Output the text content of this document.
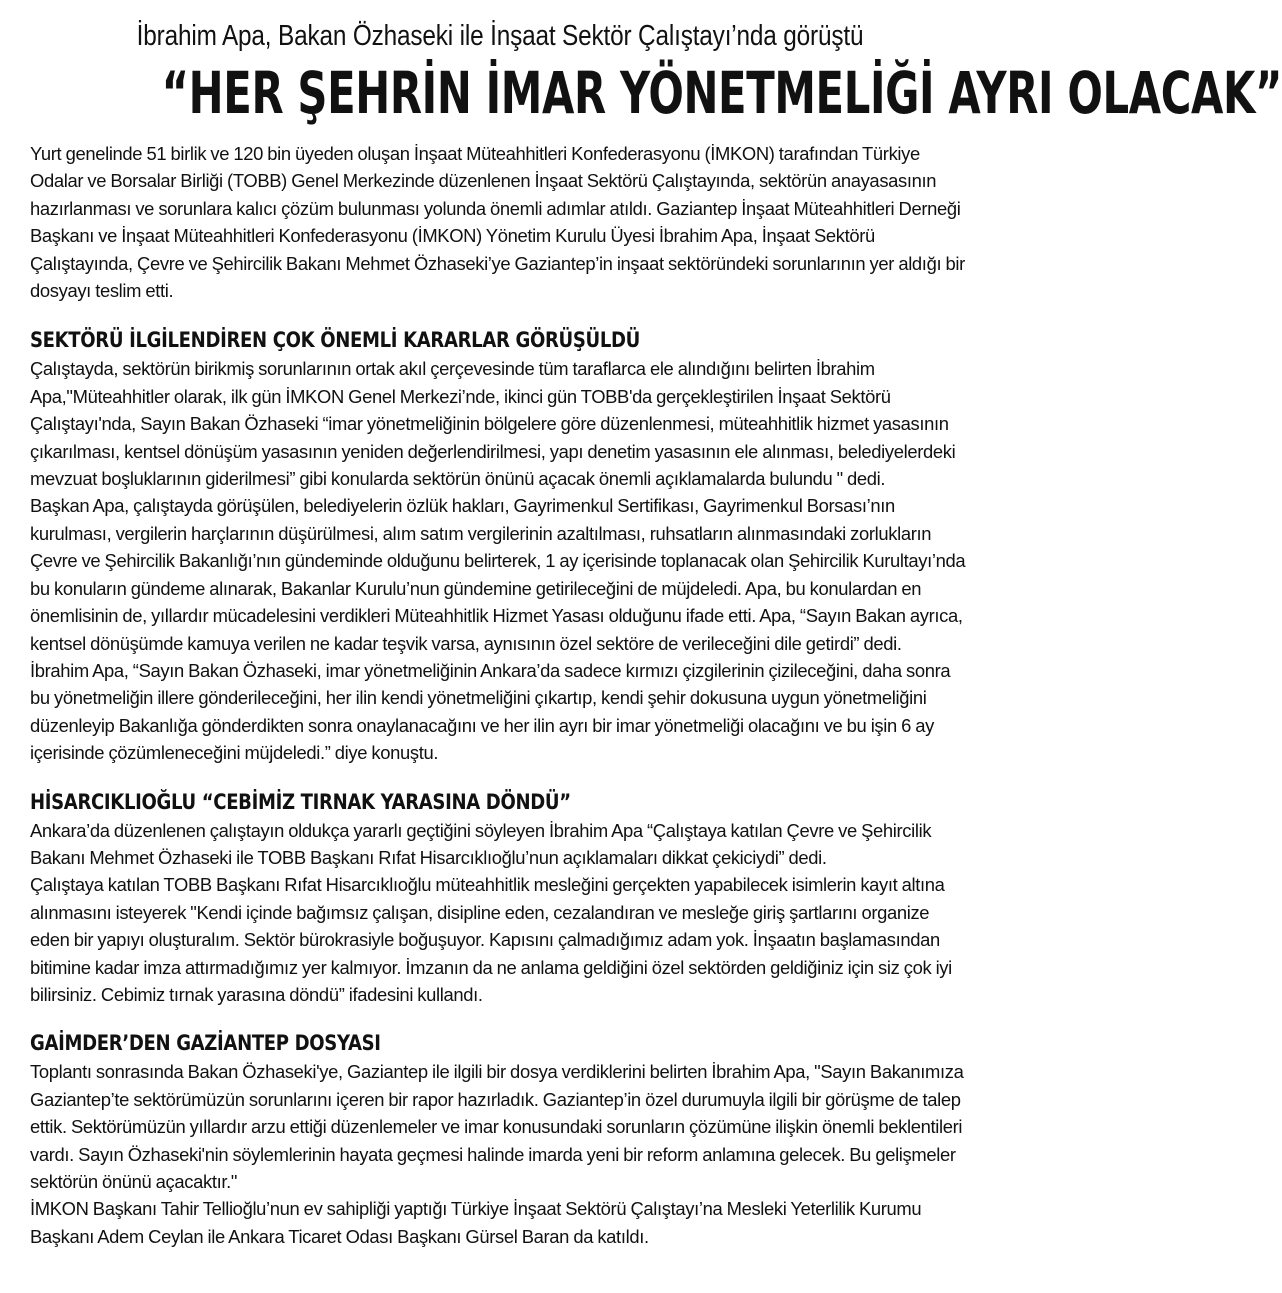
İbrahim Apa, Bakan Özhaseki ile İnşaat Sektör Çalıştayı’nda görüştü
“HER ŞEHRİN İMAR YÖNETMELİĞİ AYRI OLACAK”

Yurt genelinde 51 birlik ve 120 bin üyeden oluşan İnşaat Müteahhitleri Konfederasyonu (İMKON) tarafından Türkiye Odalar ve Borsalar Birliği (TOBB) Genel Merkezinde düzenlenen İnşaat Sektörü Çalıştayında, sektörün anayasasının hazırlanması ve sorunlara kalıcı çözüm bulunması yolunda önemli adımlar atıldı. Gaziantep İnşaat Müteahhitleri Derneği Başkanı ve İnşaat Müteahhitleri Konfederasyonu (İMKON) Yönetim Kurulu Üyesi İbrahim Apa, İnşaat Sektörü Çalıştayında, Çevre ve Şehircilik Bakanı Mehmet Özhaseki’ye Gaziantep’in inşaat sektöründeki sorunlarının yer aldığı bir dosyayı teslim etti.

SEKTÖRÜ İLGİLENDİREN ÇOK ÖNEMLİ KARARLAR GÖRÜŞÜLDÜ

Çalıştayda, sektörün birikmiş sorunlarının ortak akıl çerçevesinde tüm taraflarca ele alındığını belirten İbrahim Apa,"Müteahhitler olarak, ilk gün İMKON Genel Merkezi’nde, ikinci gün TOBB'da gerçekleştirilen İnşaat Sektörü Çalıştayı'nda, Sayın Bakan Özhaseki “imar yönetmeliğinin bölgelere göre düzenlenmesi, müteahhitlik hizmet yasasının çıkarılması, kentsel dönüşüm yasasının yeniden değerlendirilmesi, yapı denetim yasasının ele alınması, belediyelerdeki mevzuat boşluklarının giderilmesi” gibi konularda sektörün önünü açacak önemli açıklamalarda bulundu " dedi.

Başkan Apa, çalıştayda görüşülen, belediyelerin özlük hakları, Gayrimenkul Sertifikası, Gayrimenkul Borsası’nın kurulması, vergilerin harçlarının düşürülmesi, alım satım vergilerinin azaltılması, ruhsatların alınmasındaki zorlukların Çevre ve Şehircilik Bakanlığı’nın gündeminde olduğunu belirterek, 1 ay içerisinde toplanacak olan Şehircilik Kurultayı’nda bu konuların gündeme alınarak, Bakanlar Kurulu’nun gündemine getirileceğini de müjdeledi. Apa, bu konulardan en önemlisinin de, yıllardır mücadelesini verdikleri Müteahhitlik Hizmet Yasası olduğunu ifade etti. Apa, “Sayın Bakan ayrıca, kentsel dönüşümde kamuya verilen ne kadar teşvik varsa, aynısının özel sektöre de verileceğini dile getirdi” dedi.

İbrahim Apa, “Sayın Bakan Özhaseki, imar yönetmeliğinin Ankara’da sadece kırmızı çizgilerinin çizileceğini, daha sonra bu yönetmeliğin illere gönderileceğini, her ilin kendi yönetmeliğini çıkartıp, kendi şehir dokusuna uygun yönetmeliğini düzenleyip Bakanlığa gönderdikten sonra onaylanacağını ve her ilin ayrı bir imar yönetmeliği olacağını ve bu işin 6 ay içerisinde çözümleneceğini müjdeledi.” diye konuştu.

HİSARCIKLIOĞLU “CEBİMİZ TIRNAK YARASINA DÖNDÜ”

Ankara’da düzenlenen çalıştayın oldukça yararlı geçtiğini söyleyen İbrahim Apa “Çalıştaya katılan Çevre ve Şehircilik Bakanı Mehmet Özhaseki ile TOBB Başkanı Rıfat Hisarcıklıoğlu’nun açıklamaları dikkat çekiciydi” dedi.

Çalıştaya katılan TOBB Başkanı Rıfat Hisarcıklıoğlu müteahhitlik mesleğini gerçekten yapabilecek isimlerin kayıt altına alınmasını isteyerek "Kendi içinde bağımsız çalışan, disipline eden, cezalandıran ve mesleğe giriş şartlarını organize eden bir yapıyı oluşturalım. Sektör bürokrasiyle boğuşuyor. Kapısını çalmadığımız adam yok. İnşaatın başlamasından bitimine kadar imza attırmadığımız yer kalmıyor. İmzanın da ne anlama geldiğini özel sektörden geldiğiniz için siz çok iyi bilirsiniz. Cebimiz tırnak yarasına döndü” ifadesini kullandı.

GAİMDER’DEN GAZİANTEP DOSYASI

Toplantı sonrasında Bakan Özhaseki'ye, Gaziantep ile ilgili bir dosya verdiklerini belirten İbrahim Apa, "Sayın Bakanımıza Gaziantep’te sektörümüzün sorunlarını içeren bir rapor hazırladık. Gaziantep’in özel durumuyla ilgili bir görüşme de talep ettik. Sektörümüzün yıllardır arzu ettiği düzenlemeler ve imar konusundaki sorunların çözümüne ilişkin önemli beklentileri vardı. Sayın Özhaseki'nin söylemlerinin hayata geçmesi halinde imarda yeni bir reform anlamına gelecek. Bu gelişmeler sektörün önünü açacaktır."

İMKON Başkanı Tahir Tellioğlu’nun ev sahipliği yaptığı Türkiye İnşaat Sektörü Çalıştayı’na Mesleki Yeterlilik Kurumu Başkanı Adem Ceylan ile Ankara Ticaret Odası Başkanı Gürsel Baran da katıldı.
